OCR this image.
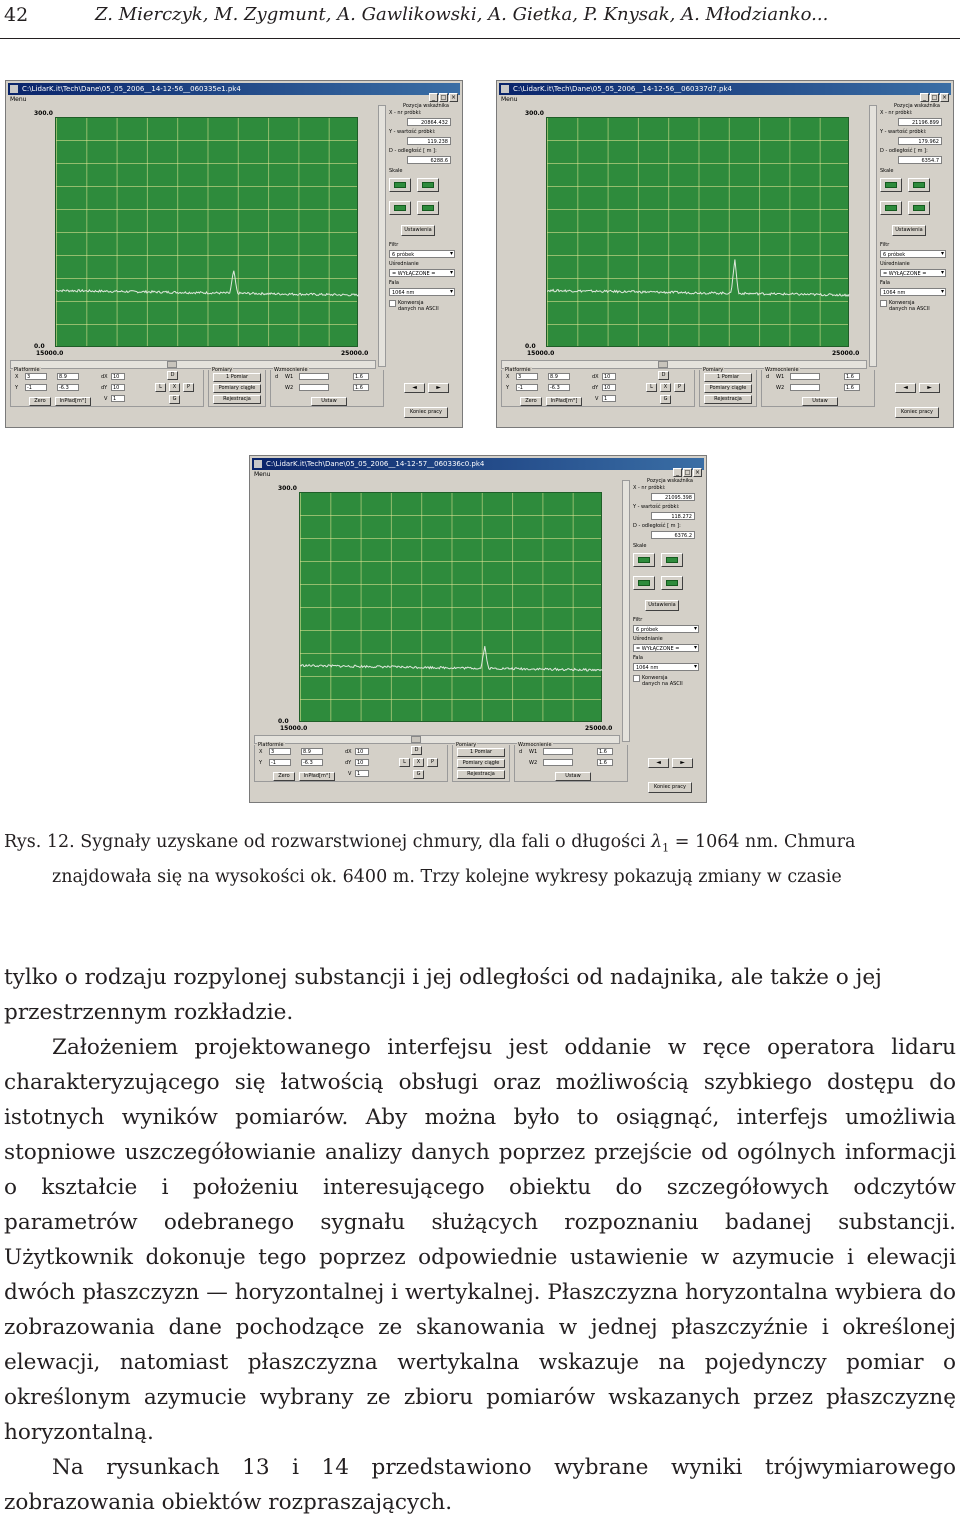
42	Z. Mierczyk, M. Zygmunt, A. Gawlikowski, A. Gietka, P. Knysak, A. Młodzianko...
C:\LidarK.it\Tech\Dane\05_05_2006__14-12-56__060335e1.pk4
_ □ ×
Menu
300.0
0.0
15000.0	25000.0
Pozycja wskaźnika
X - nr próbki:
20864.432
Y - wartość próbki:
119.238
D - odległość [ m ]:
6288.6
Skale

Ustawienia
Filtr
6 próbek ▾
Uśrednianie
= WYŁĄCZONE = ▾
Fala
1064 nm ▾
Konwersja danych na ASCII
◄	►
Koniec pracy
Platformie
X	3	8.9
Y	-1	-6.3
dX	10
dY	10
V	1
Zero	InPład[m°]
D
L	X	P
G
Pomiary
1 Pomiar
Pomiary ciągłe
Rejestracja
Wzmocnienie
d W1	1.6
W2	1.6
Ustaw
C:\LidarK.it\Tech\Dane\05_05_2006__14-12-56__060337d7.pk4
_ □ ×
Menu
300.0
0.0
15000.0	25000.0
Pozycja wskaźnika
X - nr próbki:
21196.899
Y - wartość próbki:
179.962
D - odległość [ m ]:
6354.7
Skale

Ustawienia
Filtr
6 próbek ▾
Uśrednianie
= WYŁĄCZONE = ▾
Fala
1064 nm ▾
Konwersja danych na ASCII
◄	►
Koniec pracy
Platformie
X	3	8.9
Y	-1	-6.3
dX	10
dY	10
V	1
Zero	InPład[m°]
D
L	X	P
G
Pomiary
1 Pomiar
Pomiary ciągłe
Rejestracja
Wzmocnienie
d W1	1.6
W2	1.6
Ustaw
C:\LidarK.it\Tech\Dane\05_05_2006__14-12-57__060336c0.pk4
_ □ ×
Menu
300.0
0.0
15000.0	25000.0
Pozycja wskaźnika
X - nr próbki:
21095.398
Y - wartość próbki:
118.272
D - odległość [ m ]:
6376.2
Skale

Ustawienia
Filtr
6 próbek ▾
Uśrednianie
= WYŁĄCZONE = ▾
Fala
1064 nm ▾
Konwersja danych na ASCII
◄	►
Koniec pracy
Platformie
X	3	8.9
Y	-1	-6.3
dX	10
dY	10
V	1
Zero	InPład[m°]
D
L	X	P
G
Pomiary
1 Pomiar
Pomiary ciągłe
Rejestracja
Wzmocnienie
d W1	1.6
W2	1.6
Ustaw
Rys. 12. Sygnały uzyskane od rozwarstwionej chmury, dla fali o długości $\lambda_1 = 1064$ nm. Chmura
znajdowała się na wysokości ok. 6400 m. Trzy kolejne wykresy pokazują zmiany w czasie
tylko o rodzaju rozpylonej substancji i jej odległości od nadajnika, ale także o jej przestrzennym rozkładzie.
Założeniem projektowanego interfejsu jest oddanie w ręce operatora lidaru charakteryzującego się łatwością obsługi oraz możliwością szybkiego dostępu do istotnych wyników pomiarów. Aby można było to osiągnąć, interfejs umożliwia stopniowe uszczegółowianie analizy danych poprzez przejście od ogólnych informacji o kształcie i położeniu interesującego obiektu do szczegółowych odczytów parametrów odebranego sygnału służących rozpoznaniu badanej substancji. Użytkownik dokonuje tego poprzez odpowiednie ustawienie w azymucie i elewacji dwóch płaszczyzn — horyzontalnej i wertykalnej. Płaszczyzna horyzontalna wybiera do zobrazowania dane pochodzące ze skanowania w jednej płaszczyźnie i określonej elewacji, natomiast płaszczyzna wertykalna wskazuje na pojedynczy pomiar o określonym azymucie wybrany ze zbioru pomiarów wskazanych przez płaszczyznę horyzontalną.
Na rysunkach 13 i 14 przedstawiono wybrane wyniki trójwymiarowego zobrazowania obiektów rozpraszających.
